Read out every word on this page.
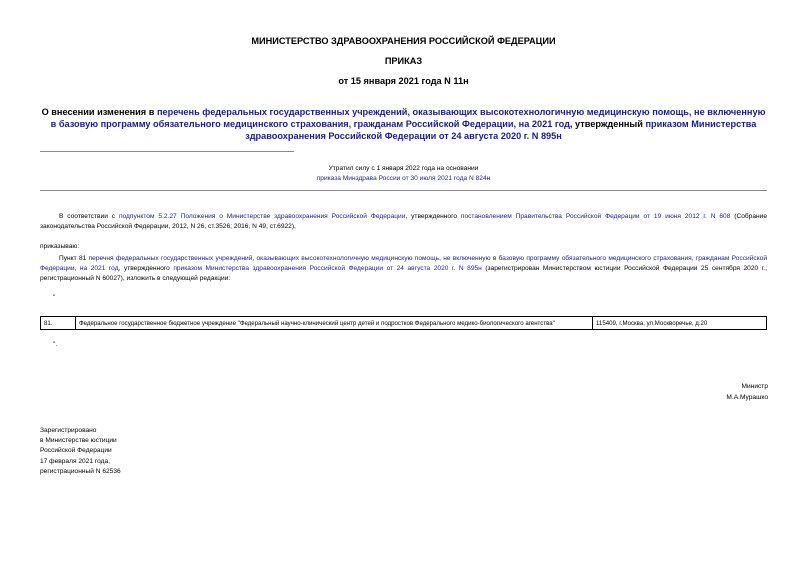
МИНИСТЕРСТВО ЗДРАВООХРАНЕНИЯ РОССИЙСКОЙ ФЕДЕРАЦИИ
ПРИКАЗ
от 15 января 2021 года N 11н
О внесении изменения в перечень федеральных государственных учреждений, оказывающих высокотехнологичную медицинскую помощь, не включенную в базовую программу обязательного медицинского страхования, гражданам Российской Федерации, на 2021 год, утвержденный приказом Министерства здравоохранения Российской Федерации от 24 августа 2020 г. N 895н
Утратил силу с 1 января 2022 года на основании
приказа Минздрава России от 30 июля 2021 года N 824н
В соответствии с подпунктом 5.2.27 Положения о Министерстве здравоохранения Российской Федерации, утвержденного постановлением Правительства Российской Федерации от 19 июня 2012 г. N 608 (Собрание законодательства Российской Федерации, 2012, N 26, ст.3526; 2016, N 49, ст.6922),
приказываю:
Пункт 81 перечня федеральных государственных учреждений, оказывающих высокотехнологичную медицинскую помощь, не включенную в базовую программу обязательного медицинского страхования, гражданам Российской Федерации, на 2021 год, утвержденного приказом Министерства здравоохранения Российской Федерации от 24 августа 2020 г. N 895н (зарегистрирован Министерством юстиции Российской Федерации 25 сентября 2020 г., регистрационный N 60027), изложить в следующей редакции:
"
81.	Федеральное государственное бюджетное учреждение "Федеральный научно-клинический центр детей и подростков Федерального медико-биологического агентства"	115409, г.Москва, ул.Москворечье, д.20
".
Министр
М.А.Мурашко
Зарегистрировано
в Министерстве юстиции
Российской Федерации
17 февраля 2021 года,
регистрационный N 62536
